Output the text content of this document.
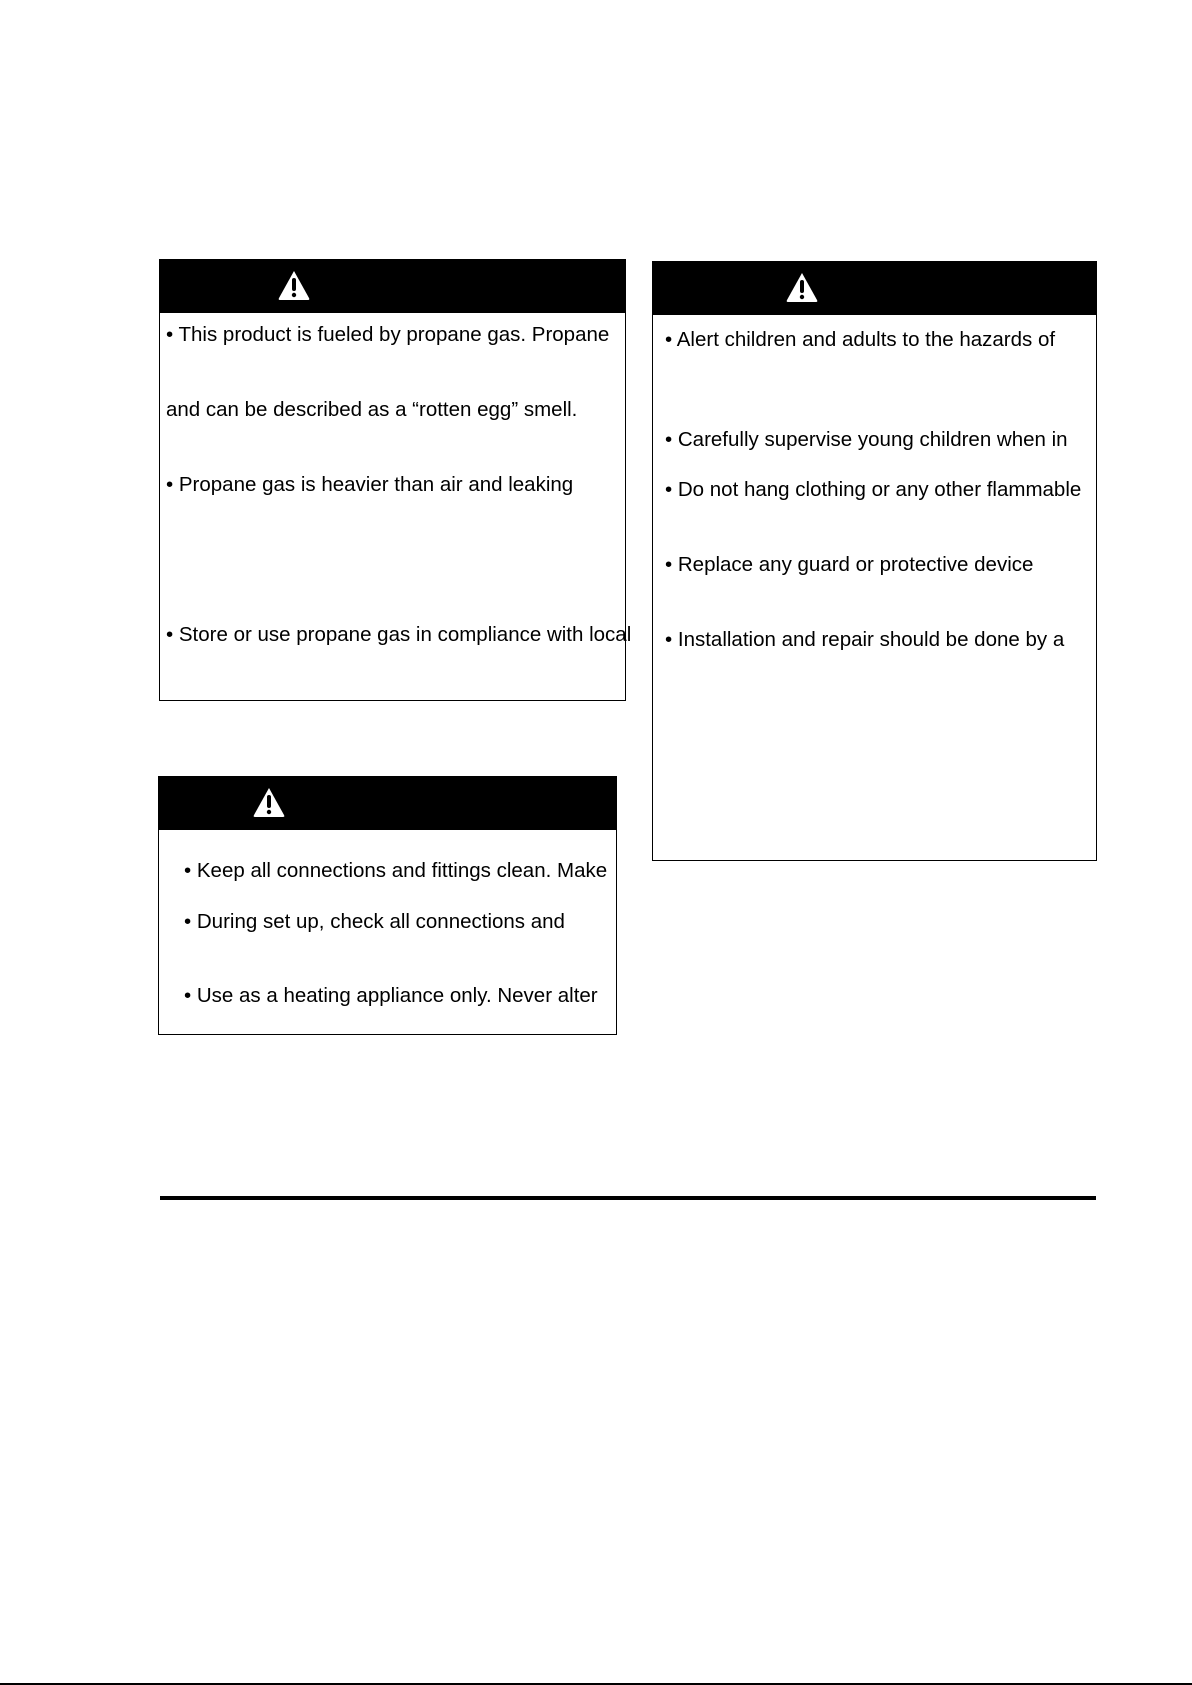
• This product is fueled by propane gas. Propane
and can be described as a “rotten egg” smell.
• Propane gas is heavier than air and leaking
• Store or use propane gas in compliance with local
• Keep all connections and fittings clean. Make
• During set up, check all connections and
• Use as a heating appliance only. Never alter
• Alert children and adults to the hazards of
• Carefully supervise young children when in
• Do not hang clothing or any other flammable
• Replace any guard or protective device
• Installation and repair should be done by a
